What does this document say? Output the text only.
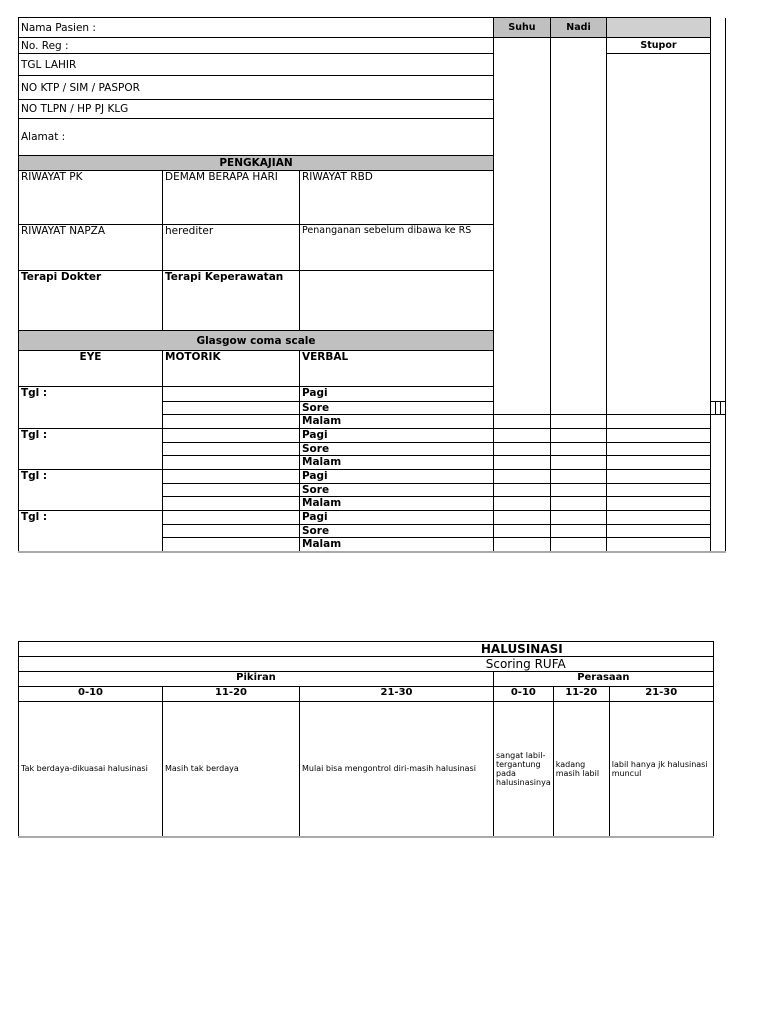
Nama Pasien :			Suhu	Nadi				
No. Reg :					Stupor			
TGL LAHIR								
NO KTP / SIM / PASPOR								
NO TLPN / HP PJ KLG								
Alamat :								
PENGKAJIAN								
RIWAYAT PK	DEMAM BERAPA HARI	RIWAYAT RBD						
RIWAYAT NAPZA	herediter	Penanganan sebelum dibawa ke RS						
Terapi Dokter	Terapi Keperawatan							
Glasgow coma scale								
EYE	MOTORIK	VERBAL						
Tgl :		Pagi						
		Sore						
		Malam						
Tgl :		Pagi						
		Sore						
		Malam						
Tgl :		Pagi						
		Sore						
		Malam						
Tgl :		Pagi						
		Sore						
		Malam						
HALUSINASI					
Scoring RUFA					
Pikiran			Perasaan		
0-10	11-20	21-30	0-10	11-20	21-30
Tak berdaya-dikuasai halusinasi	Masih tak berdaya	Mulai bisa mengontrol diri-masih halusinasi	sangat labil-tergantung pada halusinasinya	kadang masih labil	labil hanya jk halusinasi muncul
